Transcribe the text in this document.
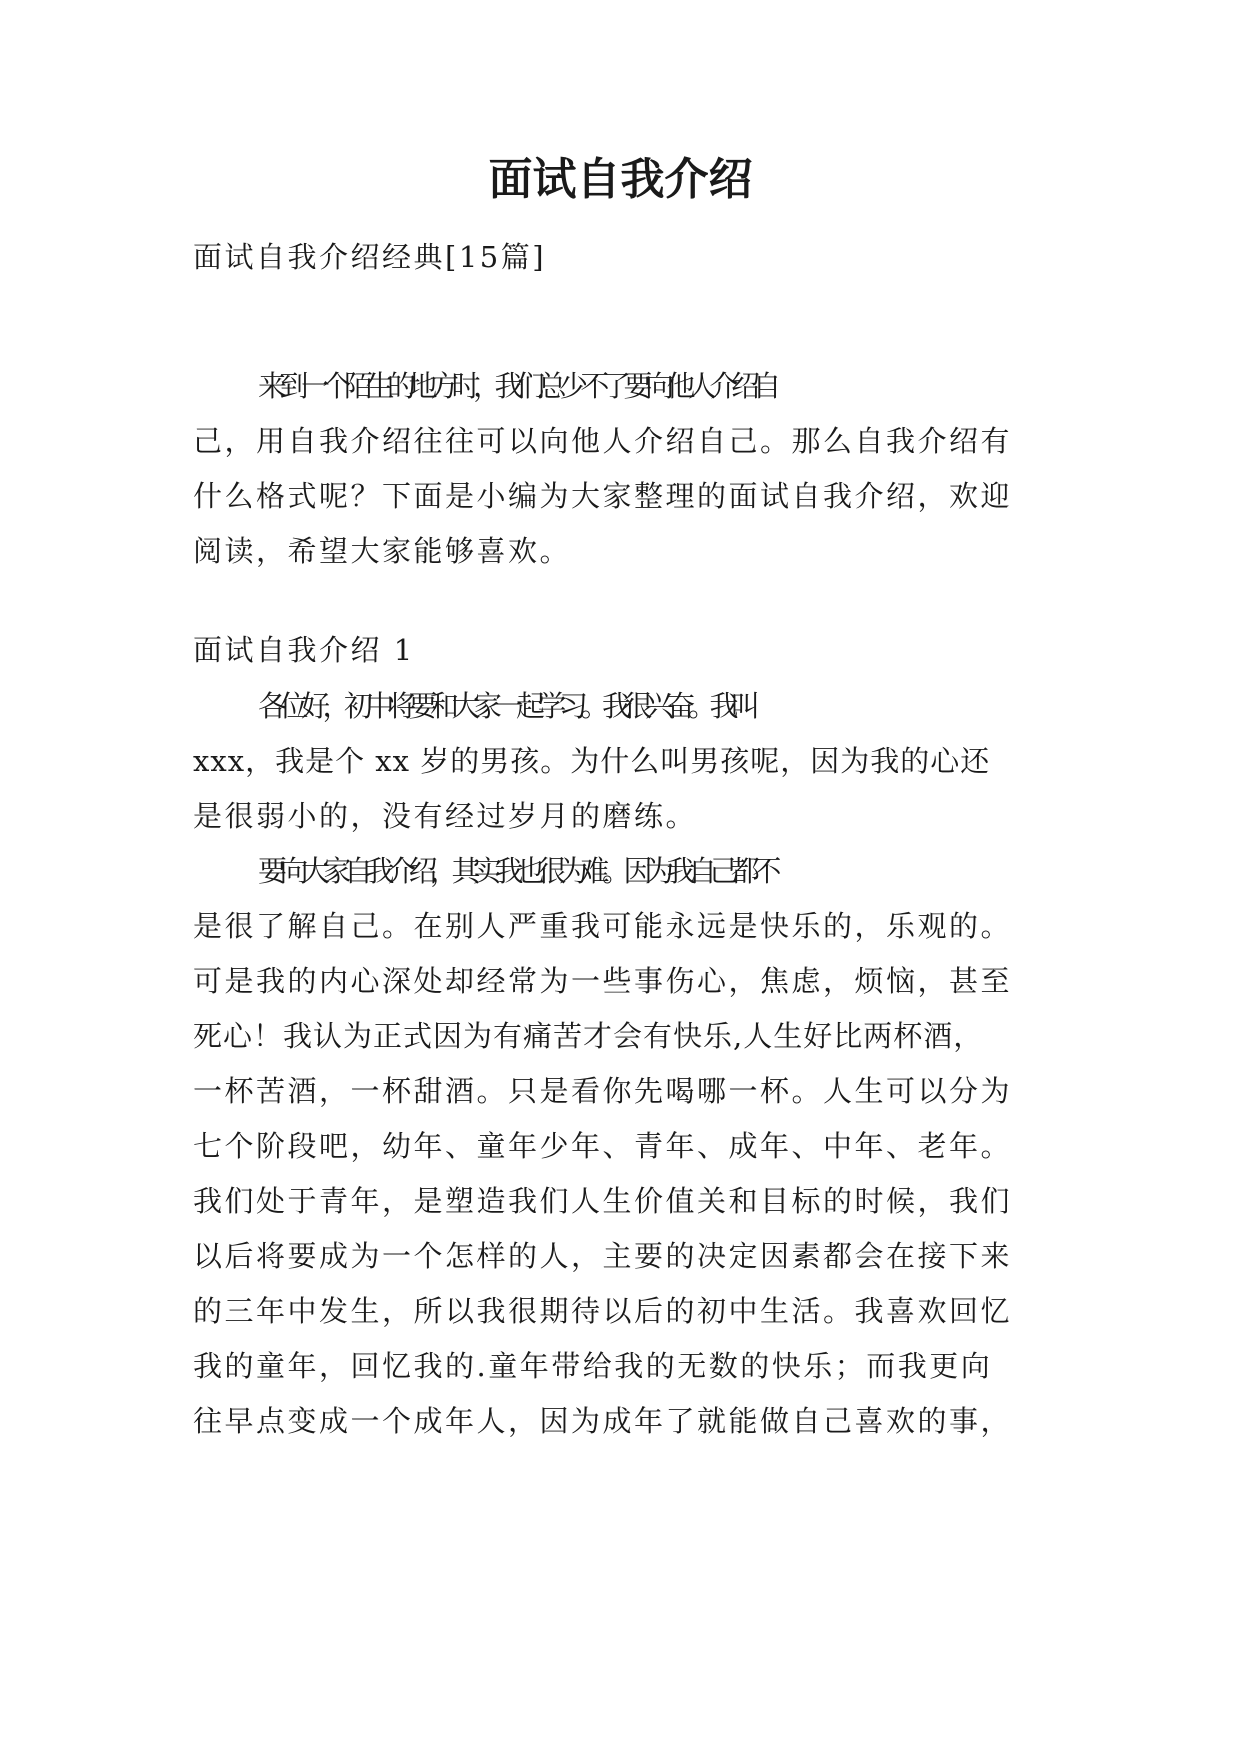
面试自我介绍

面试自我介绍经典[15篇]

来到一个陌生的地方时，我们总少不了要向他人介绍自

己，用自我介绍往往可以向他人介绍自己。那么自我介绍有

什么格式呢？下面是小编为大家整理的面试自我介绍，欢迎

阅读，希望大家能够喜欢。

面试自我介绍 1

各位好，初中将要和大家一起学习。我很兴奋。我叫

xxx，我是个 xx 岁的男孩。为什么叫男孩呢，因为我的心还

是很弱小的，没有经过岁月的磨练。

要向大家自我介绍，其实我也很为难。因为我自己都不

是很了解自己。在别人严重我可能永远是快乐的，乐观的。

可是我的内心深处却经常为一些事伤心，焦虑，烦恼，甚至

死心！我认为正式因为有痛苦才会有快乐,人生好比两杯酒，

一杯苦酒，一杯甜酒。只是看你先喝哪一杯。人生可以分为

七个阶段吧，幼年、童年少年、青年、成年、中年、老年。

我们处于青年，是塑造我们人生价值关和目标的时候，我们

以后将要成为一个怎样的人，主要的决定因素都会在接下来

的三年中发生，所以我很期待以后的初中生活。我喜欢回忆

我的童年，回忆我的.童年带给我的无数的快乐；而我更向

往早点变成一个成年人，因为成年了就能做自己喜欢的事，
